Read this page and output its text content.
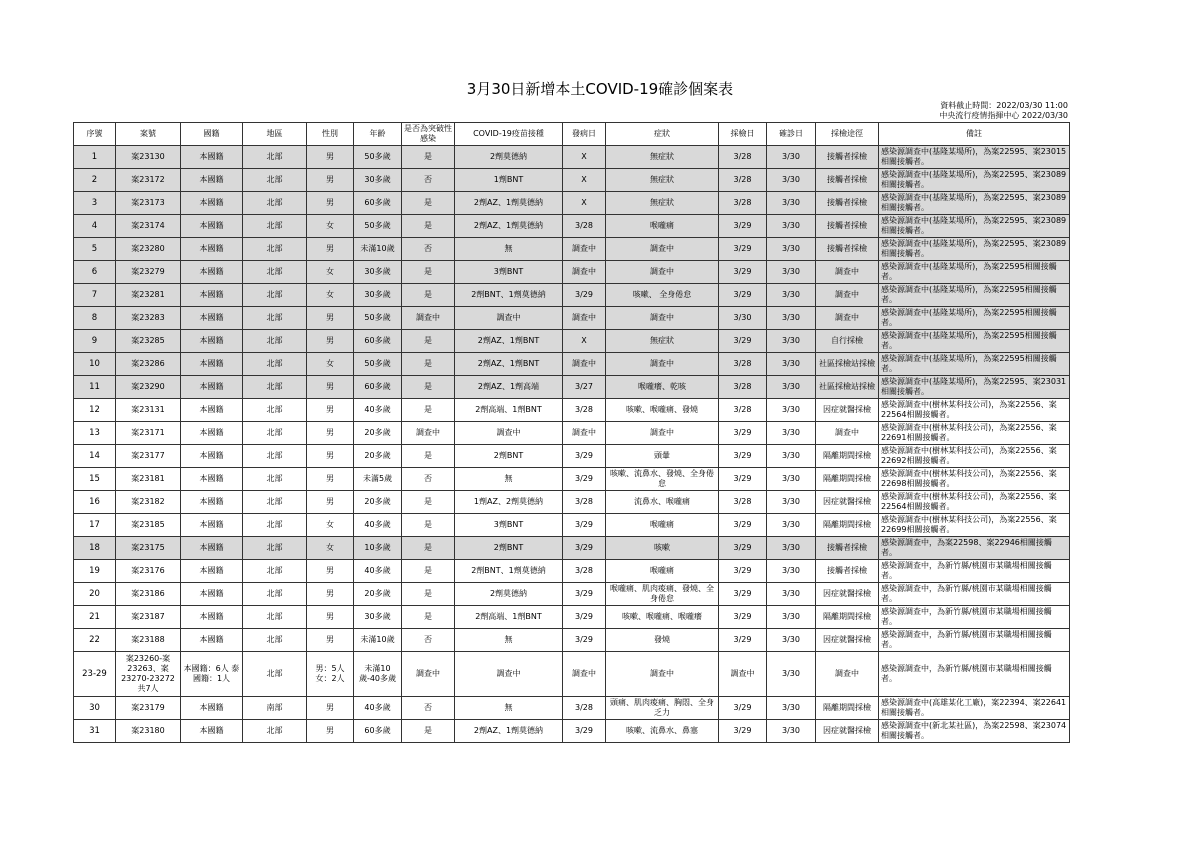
3月30日新增本土COVID-19確診個案表
資料截止時間：2022/03/30 11:00
中央流行疫情指揮中心 2022/03/30
序號	案號	國籍	地區	性別	年齡	是否為突破性感染	COVID-19疫苗接種	發病日	症狀	採檢日	確診日	採檢途徑	備註
1	案23130	本國籍	北部	男	50多歲	是	2劑莫德納	X	無症狀	3/28	3/30	接觸者採檢	感染源調查中(基隆某場所)，為案22595、案23015相關接觸者。
2	案23172	本國籍	北部	男	30多歲	否	1劑BNT	X	無症狀	3/28	3/30	接觸者採檢	感染源調查中(基隆某場所)，為案22595、案23089相關接觸者。
3	案23173	本國籍	北部	男	60多歲	是	2劑AZ、1劑莫德納	X	無症狀	3/28	3/30	接觸者採檢	感染源調查中(基隆某場所)，為案22595、案23089相關接觸者。
4	案23174	本國籍	北部	女	50多歲	是	2劑AZ、1劑莫德納	3/28	喉嚨痛	3/29	3/30	接觸者採檢	感染源調查中(基隆某場所)，為案22595、案23089相關接觸者。
5	案23280	本國籍	北部	男	未滿10歲	否	無	調查中	調查中	3/29	3/30	接觸者採檢	感染源調查中(基隆某場所)，為案22595、案23089相關接觸者。
6	案23279	本國籍	北部	女	30多歲	是	3劑BNT	調查中	調查中	3/29	3/30	調查中	感染源調查中(基隆某場所)，為案22595相關接觸者。
7	案23281	本國籍	北部	女	30多歲	是	2劑BNT、1劑莫德納	3/29	咳嗽、 全身倦怠	3/29	3/30	調查中	感染源調查中(基隆某場所)，為案22595相關接觸者。
8	案23283	本國籍	北部	男	50多歲	調查中	調查中	調查中	調查中	3/30	3/30	調查中	感染源調查中(基隆某場所)，為案22595相關接觸者。
9	案23285	本國籍	北部	男	60多歲	是	2劑AZ、1劑BNT	X	無症狀	3/29	3/30	自行採檢	感染源調查中(基隆某場所)，為案22595相關接觸者。
10	案23286	本國籍	北部	女	50多歲	是	2劑AZ、1劑BNT	調查中	調查中	3/28	3/30	社區採檢站採檢	感染源調查中(基隆某場所)，為案22595相關接觸者。
11	案23290	本國籍	北部	男	60多歲	是	2劑AZ、1劑高端	3/27	喉嚨癢、乾咳	3/28	3/30	社區採檢站採檢	感染源調查中(基隆某場所)，為案22595、案23031相關接觸者。
12	案23131	本國籍	北部	男	40多歲	是	2劑高端、1劑BNT	3/28	咳嗽、喉嚨痛、發燒	3/28	3/30	因症就醫採檢	感染源調查中(樹林某科技公司)，為案22556、案22564相關接觸者。
13	案23171	本國籍	北部	男	20多歲	調查中	調查中	調查中	調查中	3/29	3/30	調查中	感染源調查中(樹林某科技公司)，為案22556、案22691相關接觸者。
14	案23177	本國籍	北部	男	20多歲	是	2劑BNT	3/29	頭暈	3/29	3/30	隔離期間採檢	感染源調查中(樹林某科技公司)，為案22556、案22692相關接觸者。
15	案23181	本國籍	北部	男	未滿5歲	否	無	3/29	咳嗽、流鼻水、發燒、全身倦怠	3/29	3/30	隔離期間採檢	感染源調查中(樹林某科技公司)，為案22556、案22698相關接觸者。
16	案23182	本國籍	北部	男	20多歲	是	1劑AZ、2劑莫德納	3/28	流鼻水、喉嚨痛	3/28	3/30	因症就醫採檢	感染源調查中(樹林某科技公司)，為案22556、案22564相關接觸者。
17	案23185	本國籍	北部	女	40多歲	是	3劑BNT	3/29	喉嚨痛	3/29	3/30	隔離期間採檢	感染源調查中(樹林某科技公司)，為案22556、案22699相關接觸者。
18	案23175	本國籍	北部	女	10多歲	是	2劑BNT	3/29	咳嗽	3/29	3/30	接觸者採檢	感染源調查中，為案22598、案22946相關接觸者。
19	案23176	本國籍	北部	男	40多歲	是	2劑BNT、1劑莫德納	3/28	喉嚨痛	3/29	3/30	接觸者採檢	感染源調查中，為新竹縣/桃園市某職場相關接觸者。
20	案23186	本國籍	北部	男	20多歲	是	2劑莫德納	3/29	喉嚨痛、肌肉痠痛、發燒、全身倦怠	3/29	3/30	因症就醫採檢	感染源調查中，為新竹縣/桃園市某職場相關接觸者。
21	案23187	本國籍	北部	男	30多歲	是	2劑高端、1劑BNT	3/29	咳嗽、喉嚨痛、喉嚨癢	3/29	3/30	隔離期間採檢	感染源調查中，為新竹縣/桃園市某職場相關接觸者。
22	案23188	本國籍	北部	男	未滿10歲	否	無	3/29	發燒	3/29	3/30	因症就醫採檢	感染源調查中，為新竹縣/桃園市某職場相關接觸者。
23-29	案23260-案23263、案23270-23272共7人	本國籍：6人 泰國籍：1人	北部	男：5人 女：2人	未滿10歲-40多歲	調查中	調查中	調查中	調查中	調查中	3/30	調查中	感染源調查中，為新竹縣/桃園市某職場相關接觸者。
30	案23179	本國籍	南部	男	40多歲	否	無	3/28	頭痛、肌肉痠痛、胸悶、全身乏力	3/29	3/30	隔離期間採檢	感染源調查中(高雄某化工廠)，案22394、案22641相關接觸者。
31	案23180	本國籍	北部	男	60多歲	是	2劑AZ、1劑莫德納	3/29	咳嗽、流鼻水、鼻塞	3/29	3/30	因症就醫採檢	感染源調查中(新北某社區)，為案22598、案23074相關接觸者。
